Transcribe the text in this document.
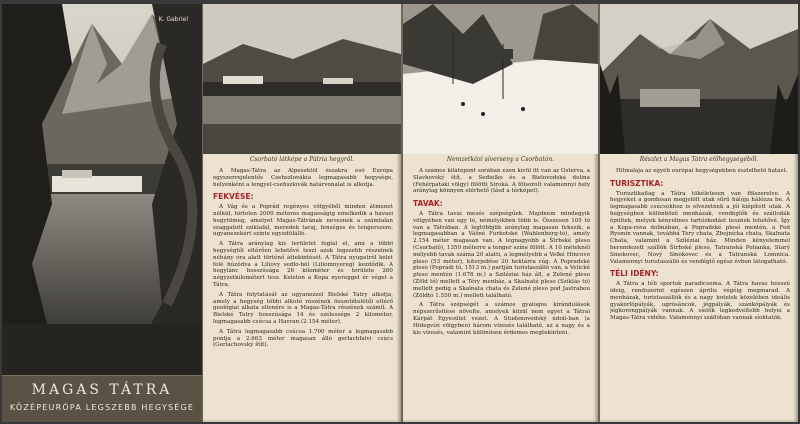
K. Gabriel
MAGAS TÁTRA
KÖZÉPEURÓPA LEGSZEBB HEGYSÉGE
Csorbató látképe a Pátria hegyről.

A Magas-Tátra az Alpesektől északra eső Európa egyszerrejelentős Csehszlovákia legmagasabb hegysége, helyenként a lengyel-csehszlovák határvonalat is alkotja.

FEKVÉSE:

A Vág és a Poprád regényes völgyéből minden átmenet nélkül, hirtelen 2000 méteres magasságig emelkedik a havasi hegytömeg, amelyet Magas-Tátrának neveznek a számtalan szaggatott sziklafal, meredek taraj, fenséges és tengerszem, ugyanezekért szinte egyedülálló.

A Tátra aránylag kis területet foglal el, ami a többi hegységtől eltérően lehetővé teszi azok legszebb részeinek néhány óra alatt történő áttekintését. A Tátra nyugatról kelet felé húzódva a Liliovy sedlo-ból (Liliomnyereg) kezdődik. A hegylánc hosszúsága 26 kilométer és területe 260 négyzetkilométert tesz. Keleten a Kopa nyereggel ér véget a Tátra.

A Tátra folytatását az ugyanezzel Bielské Tatry alkotja, amely a hegység többi alkotó részének összetételétől eltérő geológiai alkata ellenére is a Magas-Tátra részének számít. A Bielské Tatry hosszúsága 14 és szélessége 2 kilométer, legmagasabb csúcsa a Havran (2.154 méter).

A Tátra legmagasabb csúcsa 1.700 méter a legmagasabb pontja a 2.663 méter magasan álló gerlachfalvi csúcs (Gerlachovský štít).

Nemzetközi síverseny a Csorbatón.

A számos kilátópont sorában ezen kívül itt van az Osterva, a Slavkovský štít, a Sedielko és a Bielovodská dolina (Fehérpataki völgy) fölötti Siroká. A fölsorolt valamennyi hely aránylag könnyen elérhető (lásd a térképet).

TAVAK:

A Tátra tavai mesés szépségűek. Majdnem mindegyik völgyében van egy tó, némelyikben több is. Összesen 105 tó van a Tátrában. A legtöbbjük aránylag magasan fekszik, a legmagasabban a Vášné Furkotské (Wahlenberg-tó), amely 2.154 méter magasan van. A legnagyobb a Štrbské pleso (Csorbató), 1350 méterre a tenger színe fölött. A 10 méteknél mélyebb tavak száma 20 alatti, a legmélyebb a Veľké Hincovo pleso (53 méter), kiterjedése 20 hektárra rúg. A Popradské pleso (Poprádi tó, 1513 m.) partján turistaszálló van, a Velické pleso mentén (1.678 m.) a Sziléziai ház áll, a Zelené pleso (Zöld tó) mellett a Téry menház, a Skalnaté pleso (Sziklás tó) mellett pedig a Skalnata chata és Zelené pleso pod Jastrabou (Zöldtó 1.550 m.) mellett található.

A Tátra szépségét a számos gyalogos kirándulások népszerűsítése növelte, amelyek közül nem egyet a Tátrai Kárpát Egyesület vezet. A Studenovodský údolí-ban (a Hidegvízi völgyben) három vízesés található, az a nagy és a kis vízesés, valamint különösen érdemes megtekinteni.

Részlet a Magas Tátra előhegységéből.

Hilmalája az egyéb európai hegységekben észlelhető hatást.

TURISZTIKA:

Turisztikailag a Tátra tökéletesen van fölszerelve. A hegyeket a gondosan megjelölt utak sűrű hálója hálózza be. A legmagasabb csúcsokhoz is elvezetnek a jól kiépített utak. A hegységben különböző menházak, vendéglők és szállodák épültek, melyek kényelmes tartózkodást tesznek lehetővé. Így a Kopa-rova dolinában, a Popradské plesó mentén, a Fed Rysmin vannak, továbbá Tery chata, Zbojnícka chata, Skalnata Chata, valamint a Sziléziai ház. Minden kényelemmel berendezett szállók Štrbské pleso, Tatranská Polianka, Starý Smokovec, Nový Smokovec és a Tatranská Lomnica. Valamennyi turistaszálló és vendéglő egész évben látogatható.

TÉLI IDÉNY:

A Tátra a téli sportok paradicsoma. A Tátra havas hosszú ideig, rendszerint egészen április végéig megmarad. A menházak, turistaszállók és a nagy hotelek közelében ideális gyakorlópályák, ugrósáncok, jégpályák, szánkópályák és jégkorongpályák vannak. A síelők legkedveltebb helyei a Magas-Tátra vidéke. Valamennyi szállóban vannak síoktatók.
